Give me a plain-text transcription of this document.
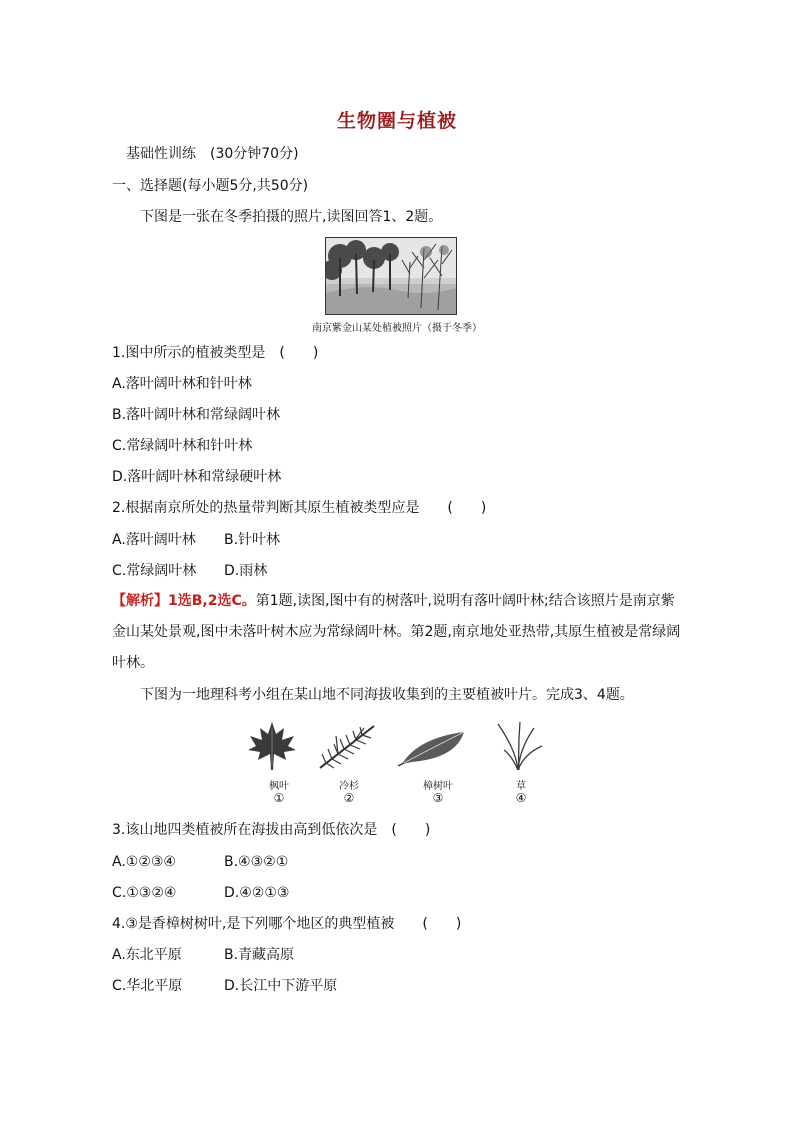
生物圈与植被
基础性训练　(30分钟70分)
一、选择题(每小题5分,共50分)
下图是一张在冬季拍摄的照片,读图回答1、2题。
南京紫金山某处植被照片（摄于冬季）
1.图中所示的植被类型是　(　　)
A.落叶阔叶林和针叶林
B.落叶阔叶林和常绿阔叶林
C.常绿阔叶林和针叶林
D.落叶阔叶林和常绿硬叶林
2.根据南京所处的热量带判断其原生植被类型应是　　(　　)
A.落叶阔叶林 B.针叶林
C.常绿阔叶林 D.雨林
【解析】1选B,2选C。第1题,读图,图中有的树落叶,说明有落叶阔叶林;结合该照片是南京紫金山某处景观,图中未落叶树木应为常绿阔叶林。第2题,南京地处亚热带,其原生植被是常绿阔叶林。
下图为一地理科考小组在某山地不同海拔收集到的主要植被叶片。完成3、4题。
枫叶	冷杉	樟树叶	草
①	②	③	④
3.该山地四类植被所在海拔由高到低依次是　(　　)
A.①②③④	B.④③②①
C.①③②④	D.④②①③
4.③是香樟树树叶,是下列哪个地区的典型植被　　(　　)
A.东北平原	B.青藏高原
C.华北平原	D.长江中下游平原
